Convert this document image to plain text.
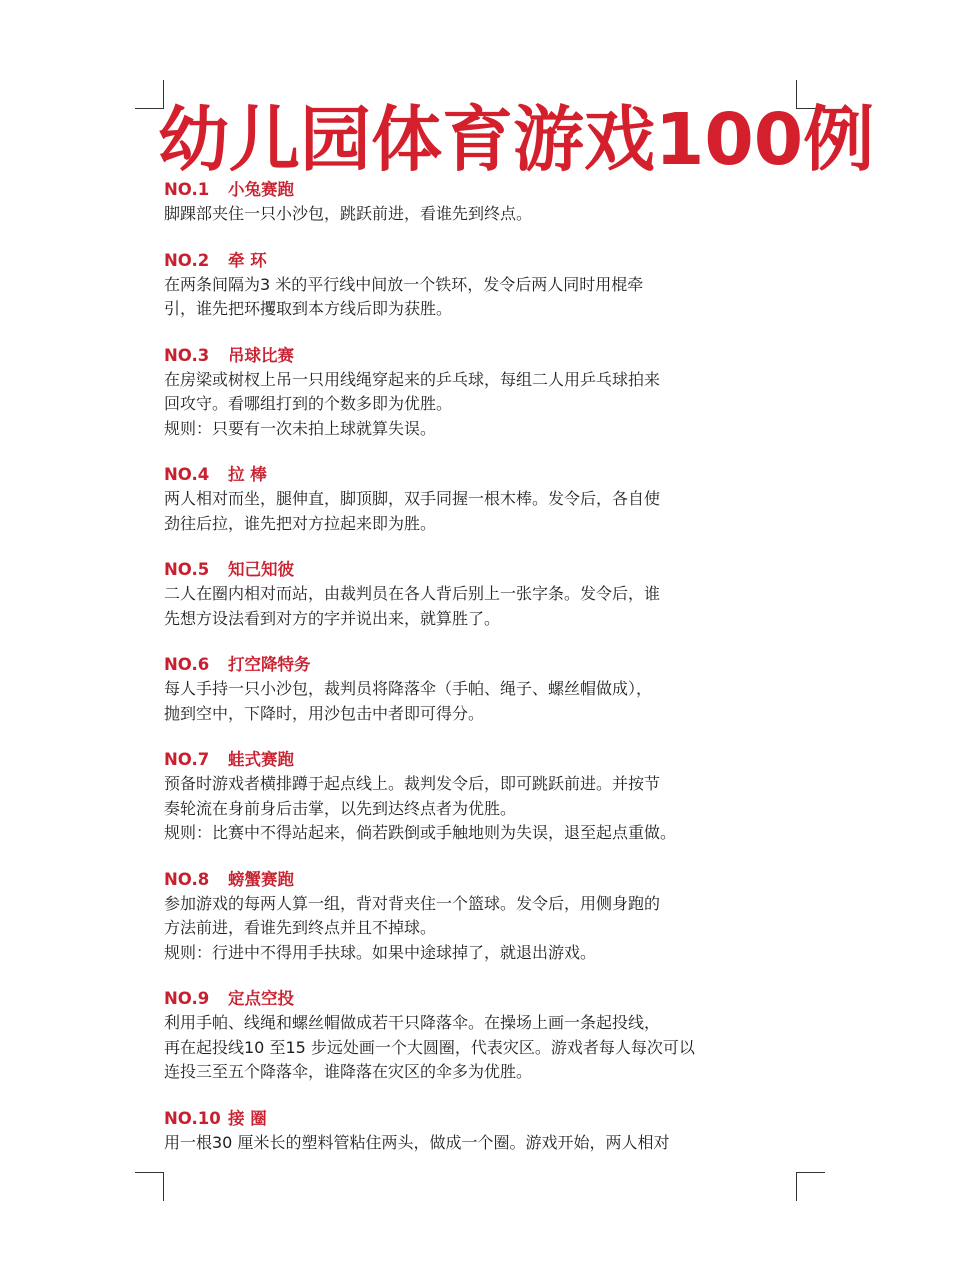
幼儿园体育游戏100例
NO.1 小兔赛跑
脚踝部夹住一只小沙包，跳跃前进，看谁先到终点。
NO.2 牵 环
在两条间隔为3 米的平行线中间放一个铁环，发令后两人同时用棍牵
引，谁先把环攫取到本方线后即为获胜。
NO.3 吊球比赛
在房梁或树杈上吊一只用线绳穿起来的乒乓球，每组二人用乒乓球拍来
回攻守。看哪组打到的个数多即为优胜。
规则：只要有一次未拍上球就算失误。
NO.4 拉 棒
两人相对而坐，腿伸直，脚顶脚，双手同握一根木棒。发令后，各自使
劲往后拉，谁先把对方拉起来即为胜。
NO.5 知己知彼
二人在圈内相对而站，由裁判员在各人背后别上一张字条。发令后，谁
先想方设法看到对方的字并说出来，就算胜了。
NO.6 打空降特务
每人手持一只小沙包，裁判员将降落伞（手帕、绳子、螺丝帽做成），
抛到空中，下降时，用沙包击中者即可得分。
NO.7 蛙式赛跑
预备时游戏者横排蹲于起点线上。裁判发令后，即可跳跃前进。并按节
奏轮流在身前身后击掌，以先到达终点者为优胜。
规则：比赛中不得站起来，倘若跌倒或手触地则为失误，退至起点重做。
NO.8 螃蟹赛跑
参加游戏的每两人算一组，背对背夹住一个篮球。发令后，用侧身跑的
方法前进，看谁先到终点并且不掉球。
规则：行进中不得用手扶球。如果中途球掉了，就退出游戏。
NO.9 定点空投
利用手帕、线绳和螺丝帽做成若干只降落伞。在操场上画一条起投线，
再在起投线10 至15 步远处画一个大圆圈，代表灾区。游戏者每人每次可以
连投三至五个降落伞，谁降落在灾区的伞多为优胜。
NO.10 接 圈
用一根30 厘米长的塑料管粘住两头，做成一个圈。游戏开始，两人相对
